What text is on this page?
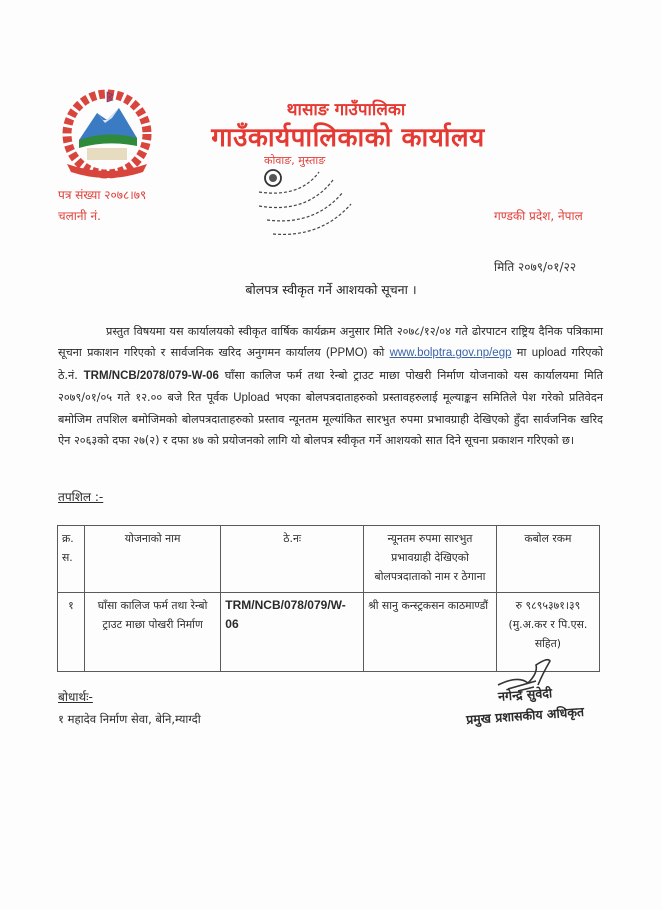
थासाङ गाउँपालिका
गाउँकार्यपालिकाको कार्यालय
कोवाङ, मुस्ताङ
पत्र संख्या २०७८।७९
चलानी नं.	गण्डकी प्रदेश, नेपाल
मिति २०७९/०१/२२
बोलपत्र स्वीकृत गर्ने आशयको सूचना ।
प्रस्तुत विषयमा यस कार्यालयको स्वीकृत वार्षिक कार्यक्रम अनुसार मिति २०७८/१२/०४ गते ढोरपाटन राष्ट्रिय दैनिक पत्रिकामा सूचना प्रकाशन गरिएको र सार्वजनिक खरिद अनुगमन कार्यालय (PPMO) को www.bolptra.gov.np/egp मा upload गरिएको ठे.नं. TRM/NCB/2078/079-W-06 घाँसा कालिज फर्म तथा रेन्बो ट्राउट माछा पोखरी निर्माण योजनाको यस कार्यालयमा मिति २०७९/०१/०५ गते १२.०० बजे रित पूर्वक Upload भएका बोलपत्रदाताहरुको प्रस्तावहरुलाई मूल्याङ्कन समितिले पेश गरेको प्रतिवेदन बमोजिम तपशिल बमोजिमको बोलपत्रदाताहरुको प्रस्ताव न्यूनतम मूल्यांकित सारभुत रुपमा प्रभावग्राही देखिएको हुँदा सार्वजनिक खरिद ऐन २०६३को दफा २७(२) र दफा ४७ को प्रयोजनको लागि यो बोलपत्र स्वीकृत गर्ने आशयको सात दिने सूचना प्रकाशन गरिएको छ।
तपशिल :-
क्र. स.	योजनाको नाम	ठे.नः	न्यूनतम रुपमा सारभुत प्रभावग्राही देखिएको बोलपत्रदाताको नाम र ठेगाना	कबोल रकम
१	घाँसा कालिज फर्म तथा रेन्बो ट्राउट माछा पोखरी निर्माण	TRM/NCB/078/079/W-06	श्री सानु कन्स्ट्रकसन काठमाण्डौं	रु ९८९५३७१।३९
(मु.अ.कर र पि.एस. सहित)
नगेन्द्र सुवेदी
प्रमुख प्रशासकीय अधिकृत
बोधार्थः-
१ महादेव निर्माण सेवा, बेनि,म्याग्दी
